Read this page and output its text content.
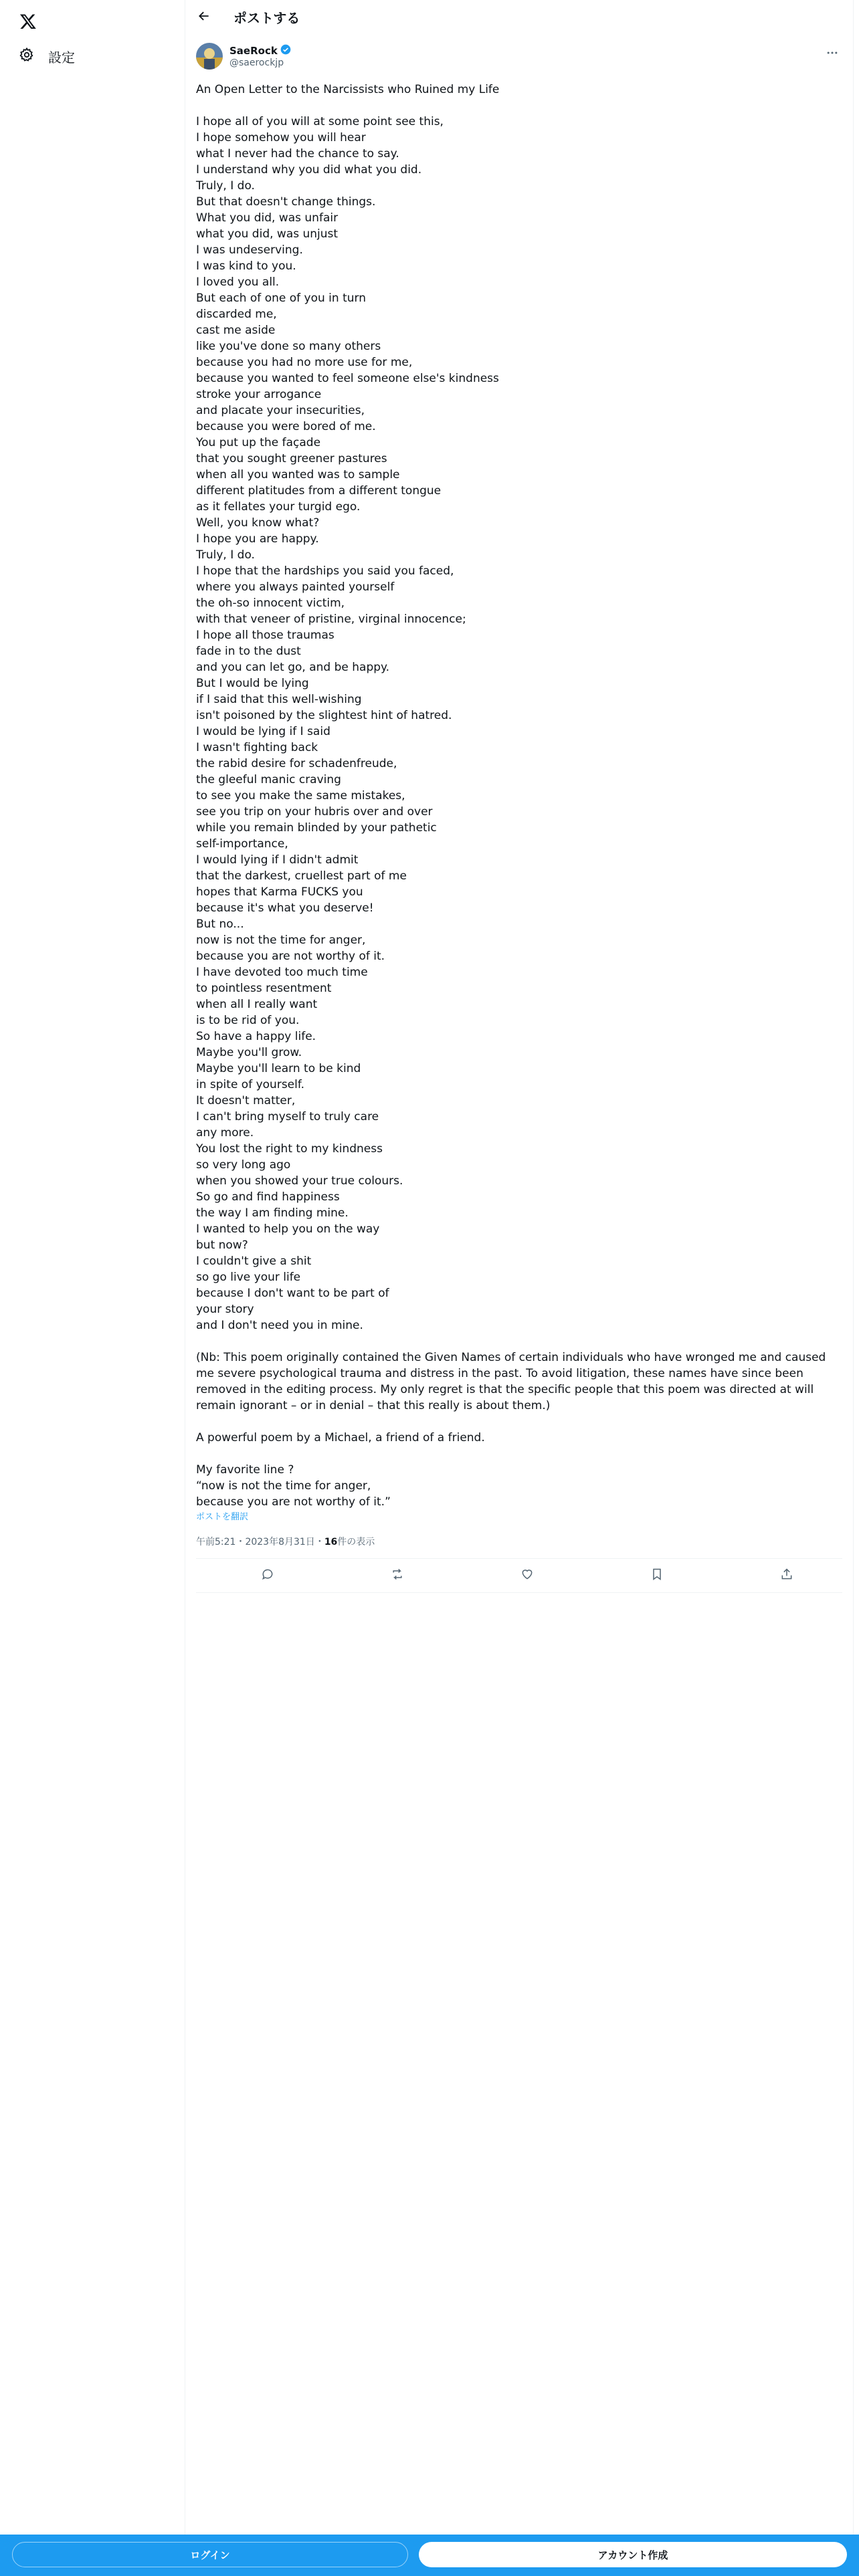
設定
ポストする
SaeRock
@saerockjp
An Open Letter to the Narcissists who Ruined my Life

I hope all of you will at some point see this,
I hope somehow you will hear
what I never had the chance to say.
I understand why you did what you did.
Truly, I do.
But that doesn't change things.
What you did, was unfair
what you did, was unjust
I was undeserving.
I was kind to you.
I loved you all.
But each of one of you in turn
discarded me,
cast me aside
like you've done so many others
because you had no more use for me,
because you wanted to feel someone else's kindness
stroke your arrogance
and placate your insecurities,
because you were bored of me.
You put up the façade
that you sought greener pastures
when all you wanted was to sample
different platitudes from a different tongue
as it fellates your turgid ego.
Well, you know what?
I hope you are happy.
Truly, I do.
I hope that the hardships you said you faced,
where you always painted yourself
the oh-so innocent victim,
with that veneer of pristine, virginal innocence;
I hope all those traumas
fade in to the dust
and you can let go, and be happy.
But I would be lying
if I said that this well-wishing
isn't poisoned by the slightest hint of hatred.
I would be lying if I said
I wasn't fighting back
the rabid desire for schadenfreude,
the gleeful manic craving
to see you make the same mistakes,
see you trip on your hubris over and over
while you remain blinded by your pathetic
self-importance,
I would lying if I didn't admit
that the darkest, cruellest part of me
hopes that Karma FUCKS you
because it's what you deserve!
But no...
now is not the time for anger,
because you are not worthy of it.
I have devoted too much time
to pointless resentment
when all I really want
is to be rid of you.
So have a happy life.
Maybe you'll grow.
Maybe you'll learn to be kind
in spite of yourself.
It doesn't matter,
I can't bring myself to truly care
any more.
You lost the right to my kindness
so very long ago
when you showed your true colours.
So go and find happiness
the way I am finding mine.
I wanted to help you on the way
but now?
I couldn't give a shit
so go live your life
because I don't want to be part of
your story
and I don't need you in mine.

(Nb: This poem originally contained the Given Names of certain individuals who have wronged me and caused me severe psychological trauma and distress in the past. To avoid litigation, these names have since been removed in the editing process. My only regret is that the specific people that this poem was directed at will remain ignorant – or in denial – that this really is about them.)

A powerful poem by a Michael, a friend of a friend.

My favorite line ?
“now is not the time for anger,
because you are not worthy of it.”
ポストを翻訳
午前5:21・2023年8月31日・16件の表示
ログイン	アカウント作成
